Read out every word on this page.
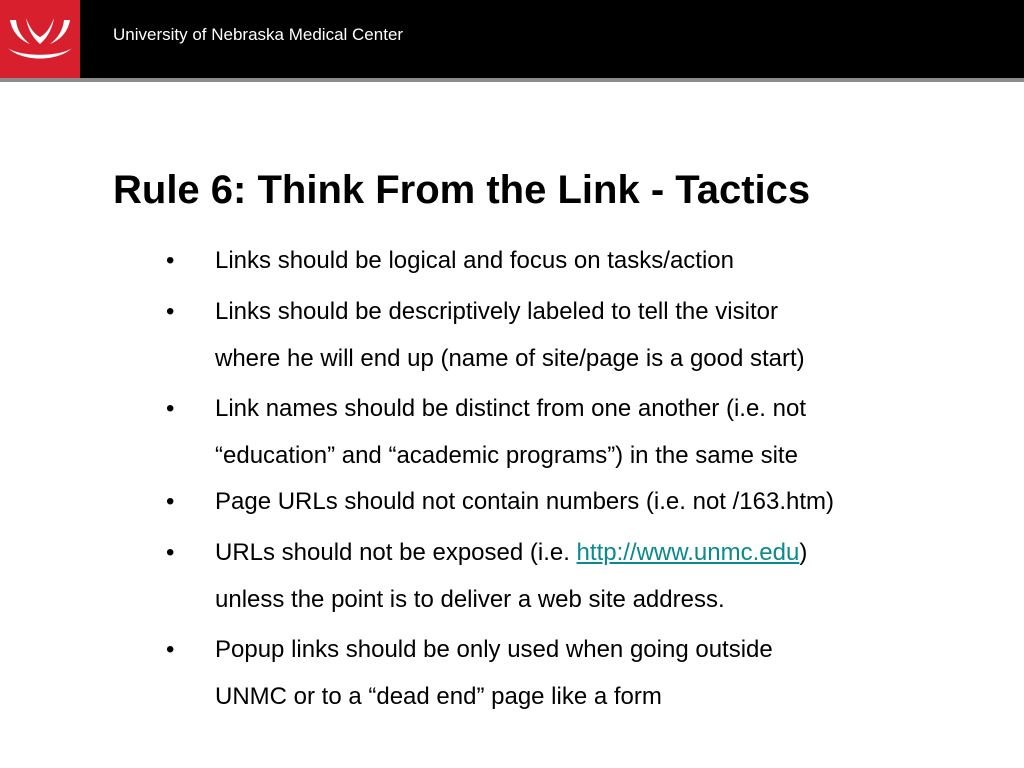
University of Nebraska Medical Center
Rule 6: Think From the Link - Tactics
• Links should be logical and focus on tasks/action
• Links should be descriptively labeled to tell the visitor
where he will end up (name of site/page is a good start)
• Link names should be distinct from one another (i.e. not
“education” and “academic programs”) in the same site
• Page URLs should not contain numbers (i.e. not /163.htm)
• URLs should not be exposed (i.e. http://www.unmc.edu)
unless the point is to deliver a web site address.
• Popup links should be only used when going outside
UNMC or to a “dead end” page like a form
